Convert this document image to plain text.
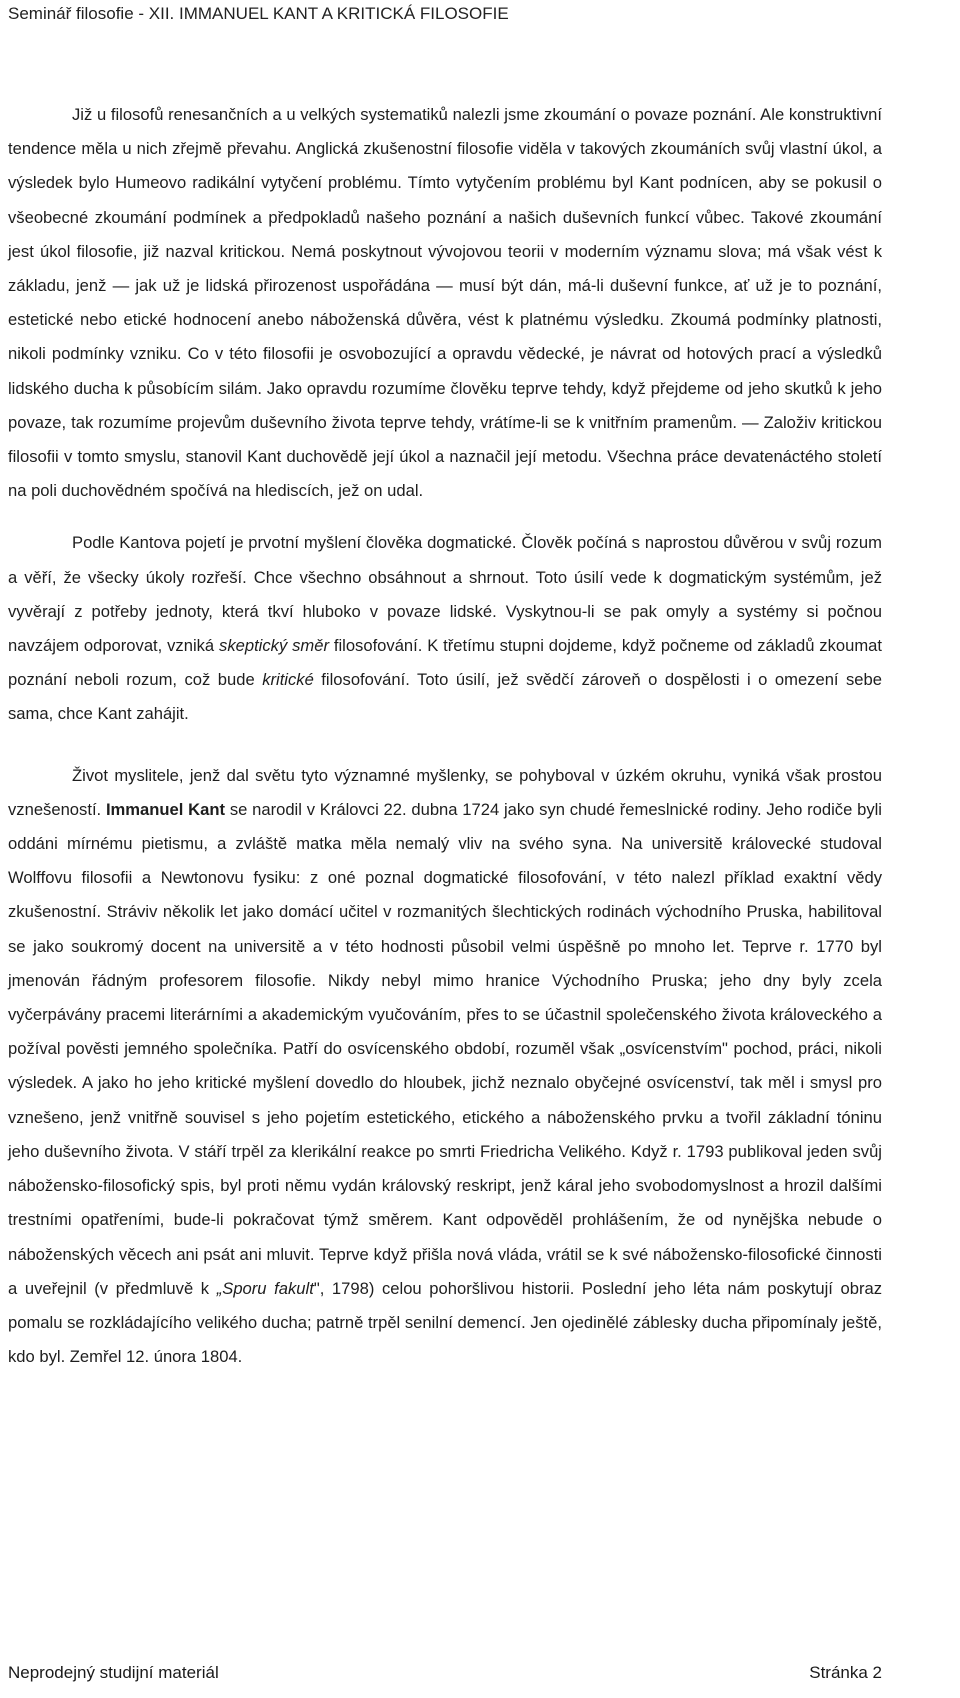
Seminář filosofie - XII. IMMANUEL KANT A KRITICKÁ FILOSOFIE

Již u filosofů renesančních a u velkých systematiků nalezli jsme zkoumání o povaze poznání. Ale konstruktivní tendence měla u nich zřejmě převahu. Anglická zkušenostní filosofie viděla v takových zkoumáních svůj vlastní úkol, a výsledek bylo Humeovo radikální vytyčení problému. Tímto vytyčením problému byl Kant podnícen, aby se pokusil o všeobecné zkoumání podmínek a předpokladů našeho poznání a našich duševních funkcí vůbec. Takové zkoumání jest úkol filosofie, již nazval kritickou. Nemá poskytnout vývojovou teorii v moderním významu slova; má však vést k základu, jenž — jak už je lidská přirozenost uspořádána — musí být dán, má-li duševní funkce, ať už je to poznání, estetické nebo etické hodnocení anebo náboženská důvěra, vést k platnému výsledku. Zkoumá podmínky platnosti, nikoli podmínky vzniku. Co v této filosofii je osvobozující a opravdu vědecké, je návrat od hotových prací a výsledků lidského ducha k působícím silám. Jako opravdu rozumíme člověku teprve tehdy, když přejdeme od jeho skutků k jeho povaze, tak rozumíme projevům duševního života teprve tehdy, vrátíme-li se k vnitřním pramenům. — Založiv kritickou filosofii v tomto smyslu, stanovil Kant duchovědě její úkol a naznačil její metodu. Všechna práce devatenáctého století na poli duchovědném spočívá na hlediscích, jež on udal.

Podle Kantova pojetí je prvotní myšlení člověka dogmatické. Člověk počíná s naprostou důvěrou v svůj rozum a věří, že všecky úkoly rozřeší. Chce všechno obsáhnout a shrnout. Toto úsilí vede k dogmatickým systémům, jež vyvěrají z potřeby jednoty, která tkví hluboko v povaze lidské. Vyskytnou-li se pak omyly a systémy si počnou navzájem odporovat, vzniká skeptický směr filosofování. K třetímu stupni dojdeme, když počneme od základů zkoumat poznání neboli rozum, což bude kritické filosofování. Toto úsilí, jež svědčí zároveň o dospělosti i o omezení sebe sama, chce Kant zahájit.

Život myslitele, jenž dal světu tyto významné myšlenky, se pohyboval v úzkém okruhu, vyniká však prostou vznešeností. Immanuel Kant se narodil v Královci 22. dubna 1724 jako syn chudé řemeslnické rodiny. Jeho rodiče byli oddáni mírnému pietismu, a zvláště matka měla nemalý vliv na svého syna. Na universitě královecké studoval Wolffovu filosofii a Newtonovu fysiku: z oné poznal dogmatické filosofování, v této nalezl příklad exaktní vědy zkušenostní. Stráviv několik let jako domácí učitel v rozmanitých šlechtických rodinách východního Pruska, habilitoval se jako soukromý docent na universitě a v této hodnosti působil velmi úspěšně po mnoho let. Teprve r. 1770 byl jmenován řádným profesorem filosofie. Nikdy nebyl mimo hranice Východního Pruska; jeho dny byly zcela vyčerpávány pracemi literárními a akademickým vyučováním, přes to se účastnil společenského života královeckého a požíval pověsti jemného společníka. Patří do osvícenského období, rozuměl však „osvícenstvím" pochod, práci, nikoli výsledek. A jako ho jeho kritické myšlení dovedlo do hloubek, jichž neznalo obyčejné osvícenství, tak měl i smysl pro vznešeno, jenž vnitřně souvisel s jeho pojetím estetického, etického a náboženského prvku a tvořil základní tóninu jeho duševního života. V stáří trpěl za klerikální reakce po smrti Friedricha Velikého. Když r. 1793 publikoval jeden svůj nábožensko-filosofický spis, byl proti němu vydán královský reskript, jenž káral jeho svobodomyslnost a hrozil dalšími trestními opatřeními, bude-li pokračovat týmž směrem. Kant odpověděl prohlášením, že od nynějška nebude o náboženských věcech ani psát ani mluvit. Teprve když přišla nová vláda, vrátil se k své nábožensko-filosofické činnosti a uveřejnil (v předmluvě k „Sporu fakult", 1798) celou pohoršlivou historii. Poslední jeho léta nám poskytují obraz pomalu se rozkládajícího velikého ducha; patrně trpěl senilní demencí. Jen ojedinělé záblesky ducha připomínaly ještě, kdo byl. Zemřel 12. února 1804.

Neprodejný studijní materiál	Stránka 2
